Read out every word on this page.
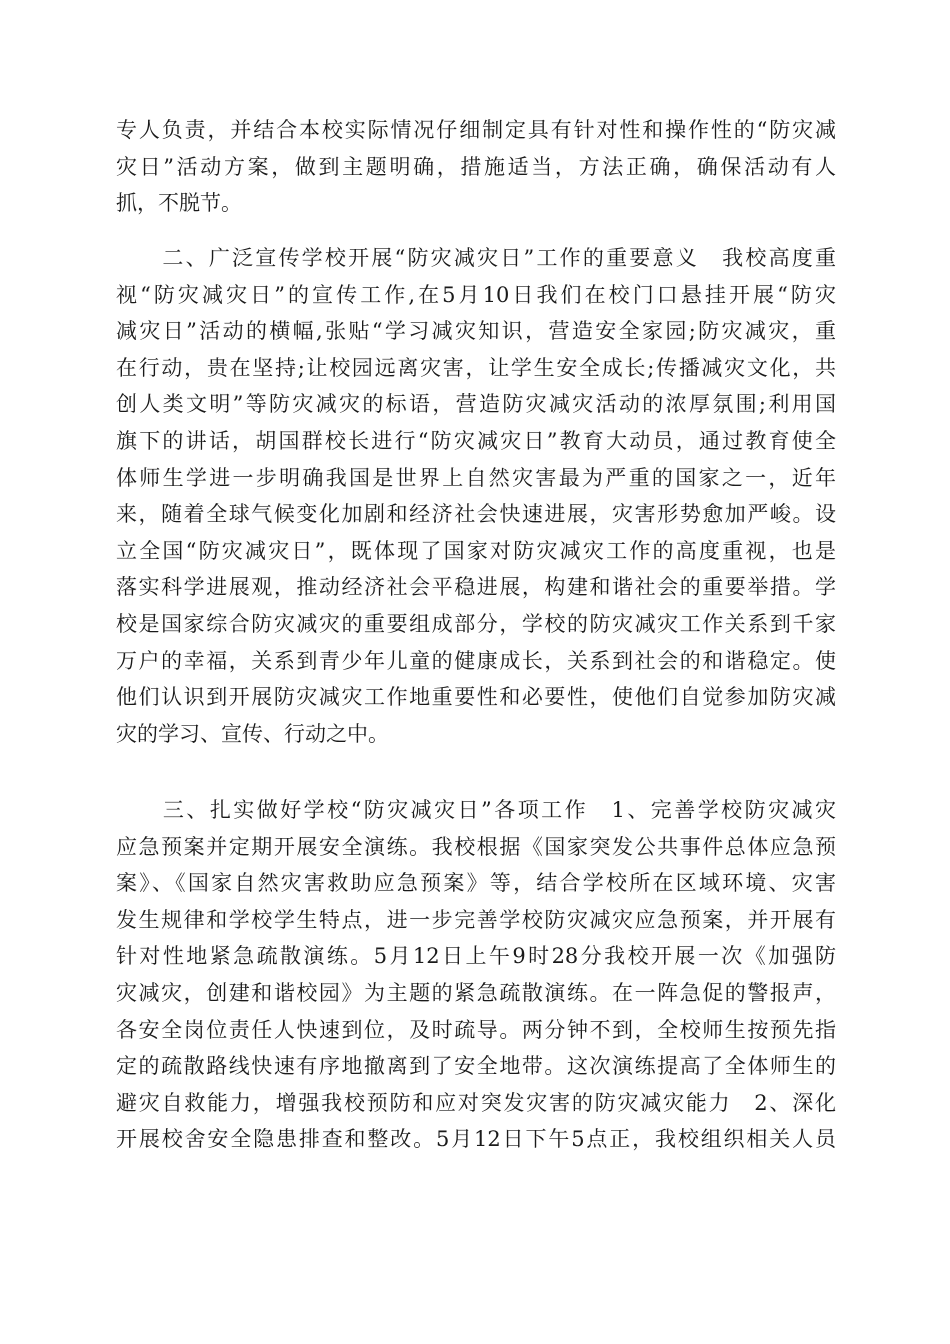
专人负责，并结合本校实际情况仔细制定具有针对性和操作性的“防灾减
灾日”活动方案，做到主题明确，措施适当，方法正确，确保活动有人
抓，不脱节。
　　二、广泛宣传学校开展“防灾减灾日”工作的重要意义　我校高度重
视“防灾减灾日”的宣传工作,在5月10日我们在校门口悬挂开展“防灾
减灾日”活动的横幅,张贴“学习减灾知识，营造安全家园;防灾减灾，重
在行动，贵在坚持;让校园远离灾害，让学生安全成长;传播减灾文化，共
创人类文明”等防灾减灾的标语，营造防灾减灾活动的浓厚氛围;利用国
旗下的讲话，胡国群校长进行“防灾减灾日”教育大动员，通过教育使全
体师生学进一步明确我国是世界上自然灾害最为严重的国家之一，近年
来，随着全球气候变化加剧和经济社会快速进展，灾害形势愈加严峻。设
立全国“防灾减灾日”，既体现了国家对防灾减灾工作的高度重视，也是
落实科学进展观，推动经济社会平稳进展，构建和谐社会的重要举措。学
校是国家综合防灾减灾的重要组成部分，学校的防灾减灾工作关系到千家
万户的幸福，关系到青少年儿童的健康成长，关系到社会的和谐稳定。使
他们认识到开展防灾减灾工作地重要性和必要性，使他们自觉参加防灾减
灾的学习、宣传、行动之中。
　　三、扎实做好学校“防灾减灾日”各项工作　1、完善学校防灾减灾
应急预案并定期开展安全演练。我校根据《国家突发公共事件总体应急预
案》、《国家自然灾害救助应急预案》等，结合学校所在区域环境、灾害
发生规律和学校学生特点，进一步完善学校防灾减灾应急预案，并开展有
针对性地紧急疏散演练。5月12日上午9时28分我校开展一次《加强防
灾减灾，创建和谐校园》为主题的紧急疏散演练。在一阵急促的警报声，
各安全岗位责任人快速到位，及时疏导。两分钟不到，全校师生按预先指
定的疏散路线快速有序地撤离到了安全地带。这次演练提高了全体师生的
避灾自救能力，增强我校预防和应对突发灾害的防灾减灾能力　2、深化
开展校舍安全隐患排查和整改。5月12日下午5点正，我校组织相关人员
